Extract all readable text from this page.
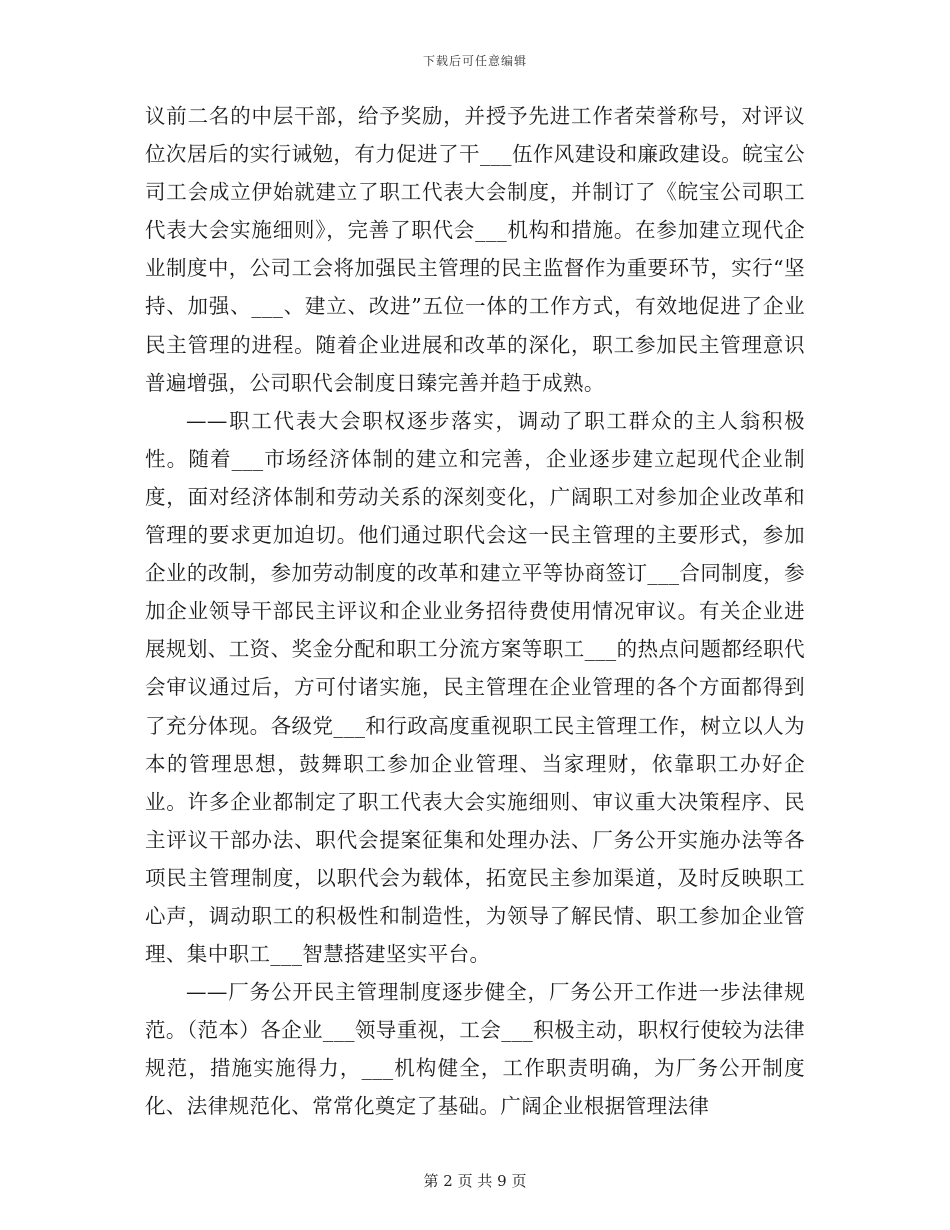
下载后可任意编辑

议前二名的中层干部，给予奖励，并授予先进工作者荣誉称号，对评议位次居后的实行诫勉，有力促进了干___伍作风建设和廉政建设。皖宝公司工会成立伊始就建立了职工代表大会制度，并制订了《皖宝公司职工代表大会实施细则》，完善了职代会___机构和措施。在参加建立现代企业制度中，公司工会将加强民主管理的民主监督作为重要环节，实行“坚持、加强、___、建立、改进”五位一体的工作方式，有效地促进了企业民主管理的进程。随着企业进展和改革的深化，职工参加民主管理意识普遍增强，公司职代会制度日臻完善并趋于成熟。

——职工代表大会职权逐步落实，调动了职工群众的主人翁积极性。随着___市场经济体制的建立和完善，企业逐步建立起现代企业制度，面对经济体制和劳动关系的深刻变化，广阔职工对参加企业改革和管理的要求更加迫切。他们通过职代会这一民主管理的主要形式，参加企业的改制，参加劳动制度的改革和建立平等协商签订___合同制度，参加企业领导干部民主评议和企业业务招待费使用情况审议。有关企业进展规划、工资、奖金分配和职工分流方案等职工___的热点问题都经职代会审议通过后，方可付诸实施，民主管理在企业管理的各个方面都得到了充分体现。各级党___和行政高度重视职工民主管理工作，树立以人为本的管理思想，鼓舞职工参加企业管理、当家理财，依靠职工办好企业。许多企业都制定了职工代表大会实施细则、审议重大决策程序、民主评议干部办法、职代会提案征集和处理办法、厂务公开实施办法等各项民主管理制度，以职代会为载体，拓宽民主参加渠道，及时反映职工心声，调动职工的积极性和制造性，为领导了解民情、职工参加企业管理、集中职工___智慧搭建坚实平台。

——厂务公开民主管理制度逐步健全，厂务公开工作进一步法律规范。（范本）各企业___领导重视，工会___积极主动，职权行使较为法律规范，措施实施得力，___机构健全，工作职责明确，为厂务公开制度化、法律规范化、常常化奠定了基础。广阔企业根据管理法律

第 2 页 共 9 页
